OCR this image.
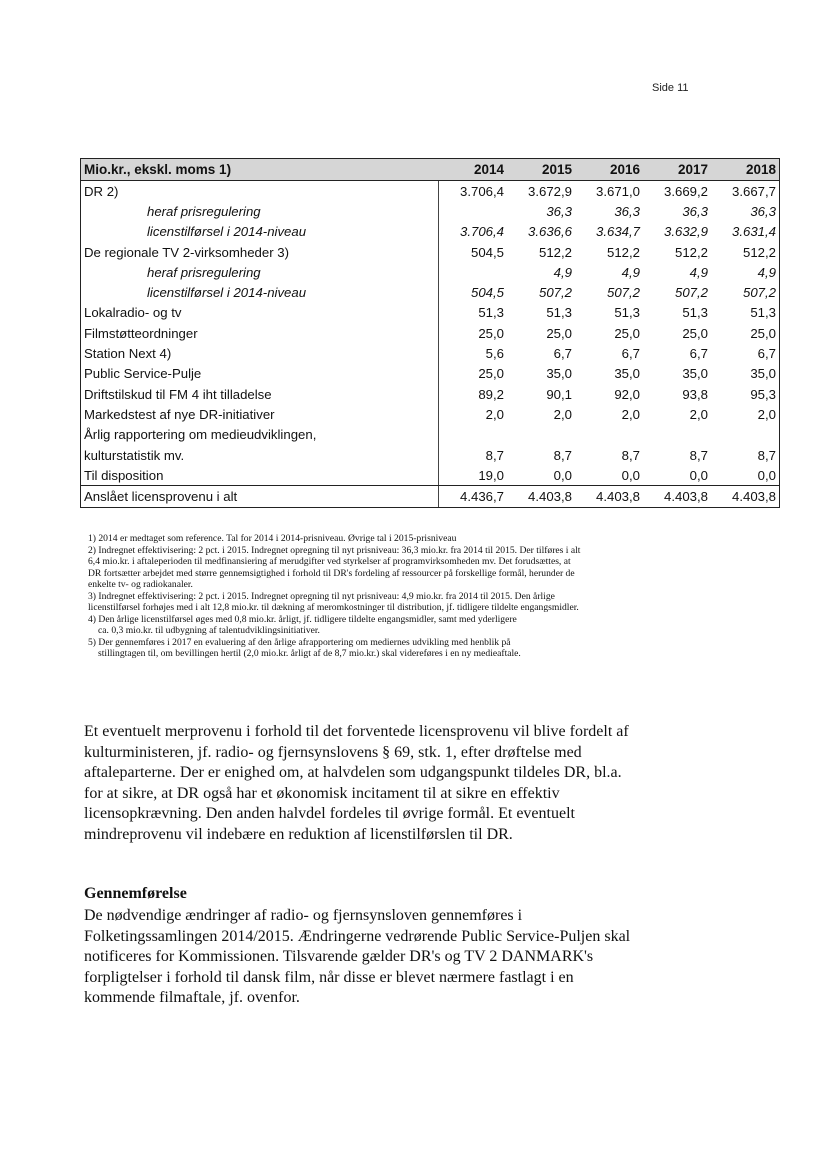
Side 11
Mio.kr., ekskl. moms 1)	2014	2015	2016	2017	2018
DR 2)	3.706,4	3.672,9	3.671,0	3.669,2	3.667,7
heraf prisregulering		36,3	36,3	36,3	36,3
licenstilførsel i 2014-niveau	3.706,4	3.636,6	3.634,7	3.632,9	3.631,4
De regionale TV 2-virksomheder 3)	504,5	512,2	512,2	512,2	512,2
heraf prisregulering		4,9	4,9	4,9	4,9
licenstilførsel i 2014-niveau	504,5	507,2	507,2	507,2	507,2
Lokalradio- og tv	51,3	51,3	51,3	51,3	51,3
Filmstøtteordninger	25,0	25,0	25,0	25,0	25,0
Station Next 4)	5,6	6,7	6,7	6,7	6,7
Public Service-Pulje	25,0	35,0	35,0	35,0	35,0
Driftstilskud til FM 4 iht tilladelse	89,2	90,1	92,0	93,8	95,3
Markedstest af nye DR-initiativer	2,0	2,0	2,0	2,0	2,0
Årlig rapportering om medieudviklingen,					
kulturstatistik mv.	8,7	8,7	8,7	8,7	8,7
Til disposition	19,0	0,0	0,0	0,0	0,0
Anslået licensprovenu i alt	4.436,7	4.403,8	4.403,8	4.403,8	4.403,8

1) 2014 er medtaget som reference. Tal for 2014 i 2014-prisniveau. Øvrige tal i 2015-prisniveau

2) Indregnet effektivisering: 2 pct. i 2015. Indregnet opregning til nyt prisniveau: 36,3 mio.kr. fra 2014 til 2015. Der tilføres i alt

6,4 mio.kr. i aftaleperioden til medfinansiering af merudgifter ved styrkelser af programvirksomheden mv. Det forudsættes, at

DR fortsætter arbejdet med større gennemsigtighed i forhold til DR's fordeling af ressourcer på forskellige formål, herunder de

enkelte tv- og radiokanaler.

3) Indregnet effektivisering: 2 pct. i 2015. Indregnet opregning til nyt prisniveau: 4,9 mio.kr. fra 2014 til 2015. Den årlige

licenstilførsel forhøjes med i alt 12,8 mio.kr. til dækning af meromkostninger til distribution, jf. tidligere tildelte engangsmidler.

4) Den årlige licenstilførsel øges med 0,8 mio.kr. årligt, jf. tidligere tildelte engangsmidler, samt med yderligere

ca. 0,3 mio.kr. til udbygning af talentudviklingsinitiativer.

5) Der gennemføres i 2017 en evaluering af den årlige afrapportering om mediernes udvikling med henblik på

stillingtagen til, om bevillingen hertil (2,0 mio.kr. årligt af de 8,7 mio.kr.) skal videreføres i en ny medieaftale.

Et eventuelt merprovenu i forhold til det forventede licensprovenu vil blive fordelt af kulturministeren, jf. radio- og fjernsynslovens § 69, stk. 1, efter drøftelse med aftaleparterne. Der er enighed om, at halvdelen som udgangspunkt tildeles DR, bl.a. for at sikre, at DR også har et økonomisk incitament til at sikre en effektiv licensopkrævning. Den anden halvdel fordeles til øvrige formål. Et eventuelt mindreprovenu vil indebære en reduktion af licenstilførslen til DR.

Gennemførelse

De nødvendige ændringer af radio- og fjernsynsloven gennemføres i Folketingssamlingen 2014/2015. Ændringerne vedrørende Public Service-Puljen skal notificeres for Kommissionen. Tilsvarende gælder DR's og TV 2 DANMARK's forpligtelser i forhold til dansk film, når disse er blevet nærmere fastlagt i en kommende filmaftale, jf. ovenfor.
